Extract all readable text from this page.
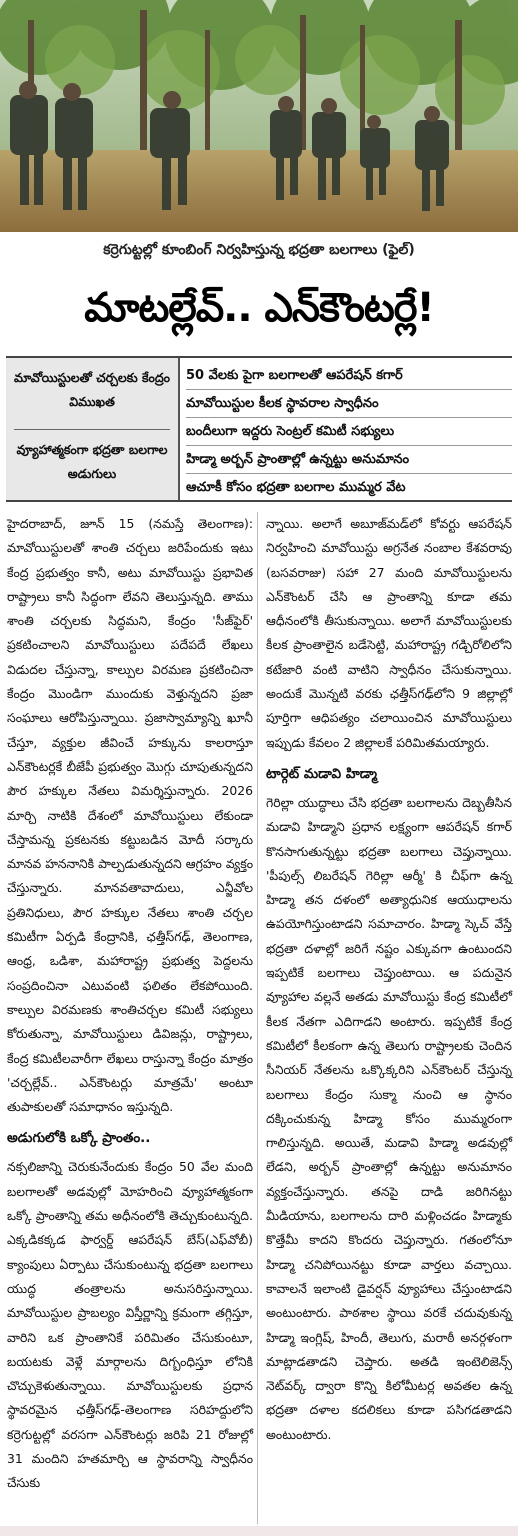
కర్రెగుట్టల్లో కూంబింగ్ నిర్వహిస్తున్న భద్రతా బలగాలు (ఫైల్)
మాటల్లేవ్.. ఎన్‌కౌంటర్లే!
మావోయిస్టులతో చర్చలకు కేంద్రం విముఖత
వ్యూహాత్మకంగా భద్రతా బలగాల అడుగులు
50 వేలకు పైగా బలగాలతో ఆపరేషన్ కగార్
మావోయిస్టుల కీలక స్థావరాల స్వాధీనం
బందీలుగా ఇద్దరు సెంట్రల్ కమిటీ సభ్యులు
హిడ్మా అర్బన్ ప్రాంతాల్లో ఉన్నట్టు అనుమానం
ఆచూకీ కోసం భద్రతా బలగాల ముమ్మర వేట

హైదరాబాద్, జూన్ 15 (నమస్తే తెలంగాణ): మావోయిస్టులతో శాంతి చర్చలు జరిపేందుకు ఇటు కేంద్ర ప్రభుత్వం కానీ, అటు మావోయిస్టు ప్రభావిత రాష్ట్రాలు కానీ సిద్ధంగా లేవని తెలుస్తున్నది. తాము శాంతి చర్చలకు సిద్ధమని, కేంద్రం 'సీజ్‌ఫైర్' ప్రకటించాలని మావోయిస్టులు పదేపదే లేఖలు విడుదల చేస్తున్నా, కాల్పుల విరమణ ప్రకటించినా కేంద్రం మొండిగా ముందుకు వెళ్తున్నదని ప్రజా సంఘాలు ఆరోపిస్తున్నాయి. ప్రజాస్వామ్యాన్ని ఖూనీ చేస్తూ, వ్యక్తుల జీవించే హక్కును కాలరాస్తూ ఎన్‌కౌంటర్లకే బీజేపీ ప్రభుత్వం మొగ్గు చూపుతున్నదని పౌర హక్కుల నేతలు విమర్శిస్తున్నారు. 2026 మార్చి నాటికి దేశంలో మావోయిస్టులు లేకుండా చేస్తామన్న ప్రకటనకు కట్టుబడిన మోదీ సర్కారు మానవ హననానికి పాల్పడుతున్నదని ఆగ్రహం వ్యక్తం చేస్తున్నారు. మానవతావాదులు, ఎన్జీవోల ప్రతినిధులు, పౌర హక్కుల నేతలు శాంతి చర్చల కమిటీగా ఏర్పడి కేంద్రానికి, ఛత్తీస్‌గఢ్, తెలంగాణ, ఆంధ్ర, ఒడిశా, మహారాష్ట్ర ప్రభుత్వ పెద్దలను సంప్రదించినా ఎటువంటి ఫలితం లేకపోయింది. కాల్పుల విరమణకు శాంతిచర్చల కమిటీ సభ్యులు కోరుతున్నా, మావోయిస్టులు డివిజన్లు, రాష్ట్రాలు, కేంద్ర కమిటీలవారీగా లేఖలు రాస్తున్నా కేంద్రం మాత్రం 'చర్చల్లేవ్.. ఎన్‌కౌంటర్లు మాత్రమే' అంటూ తుపాకులతో సమాధానం ఇస్తున్నది.

అడుగులోకి ఒక్కో ప్రాంతం..

నక్సలిజాన్ని చెరుకునేందుకు కేంద్రం 50 వేల మంది బలగాలతో అడవుల్లో మోహరించి వ్యూహాత్మకంగా ఒక్కో ప్రాంతాన్ని తమ అధీనంలోకి తెచ్చుకుంటున్నది. ఎక్కడికక్కడ ఫార్వర్డ్ ఆపరేషన్ బేస్(ఎఫ్‌వోబీ) క్యాంపులు ఏర్పాటు చేసుకుంటున్న భద్రతా బలగాలు యుద్ధ తంత్రాలను అనుసరిస్తున్నాయి. మావోయిస్టుల ప్రాబల్యం విస్తీర్ణాన్ని క్రమంగా తగ్గిస్తూ, వారిని ఒక ప్రాంతానికే పరిమితం చేసుకుంటూ, బయటకు వెళ్లే మార్గాలను దిగ్బంధిస్తూ లోనికి చొచ్చుకెళుతున్నాయి. మావోయిస్టులకు ప్రధాన స్థావరమైన ఛత్తీస్‌గఢ్-తెలంగాణ సరిహద్దులోని కర్రెగుట్టల్లో వరసగా ఎన్‌కౌంటర్లు జరిపి 21 రోజుల్లో 31 మందిని హతమార్చి ఆ స్థావరాన్ని స్వాధీనం చేసుకు

న్నాయి. అలాగే అబూజ్‌మడ్‌లో కోవర్టు ఆపరేషన్ నిర్వహించి మావోయిస్టు అగ్రనేత నంబాల కేశవరావు (బసవరాజు) సహా 27 మంది మావోయిస్టులను ఎన్‌కౌంటర్ చేసి ఆ ప్రాంతాన్ని కూడా తమ ఆధీనంలోకి తీసుకున్నాయి. అలాగే మావోయిస్టులకు కీలక ప్రాంతాలైన బడేసెట్టి, మహారాష్ట్ర గడ్చిరోలిలోని కటేజారి వంటి వాటిని స్వాధీనం చేసుకున్నాయి. అందుకే మొన్నటి వరకు ఛత్తీస్‌గఢ్‌లోని 9 జిల్లాల్లో పూర్తిగా ఆధిపత్యం చలాయించిన మావోయిస్టులు ఇప్పుడు కేవలం 2 జిల్లాలకే పరిమితమయ్యారు.

టార్గెట్ మడావి హిడ్మా

గెరిల్లా యుద్ధాలు చేసి భద్రతా బలగాలను దెబ్బతీసిన మడావి హిడ్మాని ప్రధాన లక్ష్యంగా ఆపరేషన్ కగార్ కొనసాగుతున్నట్టు భద్రతా బలగాలు చెప్తున్నాయి. 'పీపుల్స్ లిబరేషన్ గెరిల్లా ఆర్మీ' కి చీఫ్‌గా ఉన్న హిడ్మా తన దళంలో అత్యాధునిక ఆయుధాలను ఉపయోగిస్తుంటాడని సమాచారం. హిడ్మా స్కెచ్ వేస్తే భద్రతా దళాల్లో జరిగే నష్టం ఎక్కువగా ఉంటుందని ఇప్పటికే బలగాలు చెప్తుంటాయి. ఆ పదునైన వ్యూహాల వల్లనే అతడు మావోయిస్టు కేంద్ర కమిటీలో కీలక నేతగా ఎదిగాడని అంటారు. ఇప్పటికే కేంద్ర కమిటీలో కీలకంగా ఉన్న తెలుగు రాష్ట్రాలకు చెందిన సీనియర్ నేతలను ఒక్కొక్కరిని ఎన్‌కౌంటర్ చేస్తున్న బలగాలు కేంద్రం సుక్మా నుంచి ఆ స్థానం దక్కించుకున్న హిడ్మా కోసం ముమ్మరంగా గాలిస్తున్నది. అయితే, మడావి హిడ్మా అడవుల్లో లేడని, అర్బన్ ప్రాంతాల్లో ఉన్నట్టు అనుమానం వ్యక్తంచేస్తున్నారు. తనపై దాడి జరిగినట్టు మీడియాను, బలగాలను దారి మళ్లించడం హిడ్మాకు కొత్తేమీ కాదని కొందరు చెప్తున్నారు. గతంలోనూ హిడ్మా చనిపోయినట్టు కూడా వార్తలు వచ్చాయి. కావాలనే ఇలాంటి డైవర్షన్ వ్యూహాలు చేస్తుంటాడని అంటుంటారు. పాఠశాల స్థాయి వరకే చదువుకున్న హిడ్మా ఇంగ్లిష్, హిందీ, తెలుగు, మరాఠీ అనర్గళంగా మాట్లాడతాడని చెప్తారు. అతడి ఇంటెలిజెన్స్ నెట్‌వర్క్ ద్వారా కొన్ని కిలోమీటర్ల అవతల ఉన్న భద్రతా దళాల కదలికలు కూడా పసిగడతాడని అంటుంటారు.
